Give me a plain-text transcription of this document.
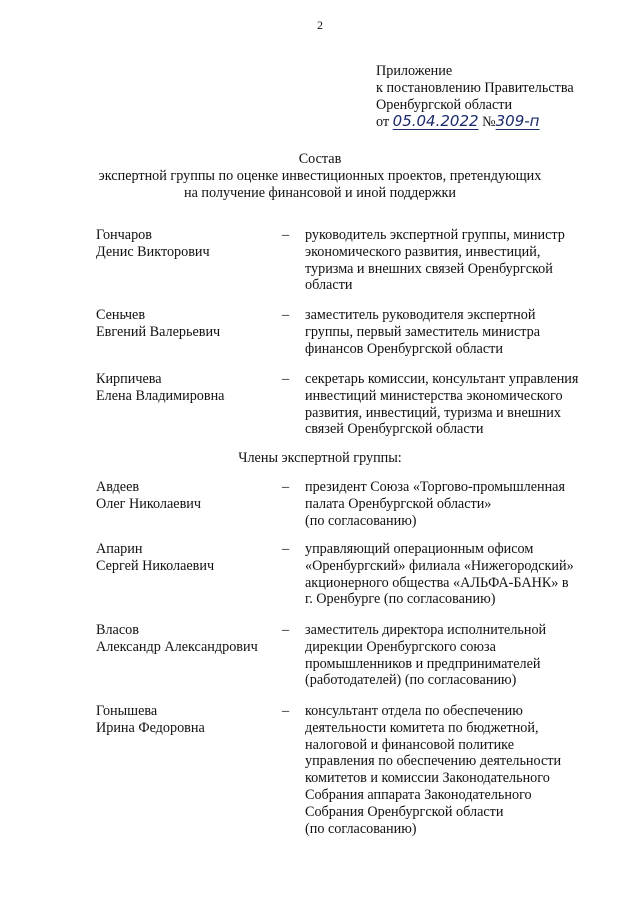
2
Приложение
к постановлению Правительства
Оренбургской области
от 05.04.2022 №309-п
Состав
экспертной группы по оценке инвестиционных проектов, претендующих
на получение финансовой и иной поддержки
Гончаров
Денис Викторович
–	руководитель экспертной группы, министр
экономического развития, инвестиций,
туризма и внешних связей Оренбургской
области
Сеньчев
Евгений Валерьевич
–	заместитель руководителя экспертной
группы, первый заместитель министра
финансов Оренбургской области
Кирпичева
Елена Владимировна
–	секретарь комиссии, консультант управления
инвестиций министерства экономического
развития, инвестиций, туризма и внешних
связей Оренбургской области
Члены экспертной группы:
Авдеев
Олег Николаевич
–	президент Союза «Торгово-промышленная
палата Оренбургской области»
(по согласованию)
Апарин
Сергей Николаевич
–	управляющий операционным офисом
«Оренбургский» филиала «Нижегородский»
акционерного общества «АЛЬФА-БАНК» в
г. Оренбурге (по согласованию)
Власов
Александр Александрович
–	заместитель директора исполнительной
дирекции Оренбургского союза
промышленников и предпринимателей
(работодателей) (по согласованию)
Гонышева
Ирина Федоровна
–	консультант отдела по обеспечению
деятельности комитета по бюджетной,
налоговой и финансовой политике
управления по обеспечению деятельности
комитетов и комиссии Законодательного
Собрания аппарата Законодательного
Собрания Оренбургской области
(по согласованию)
